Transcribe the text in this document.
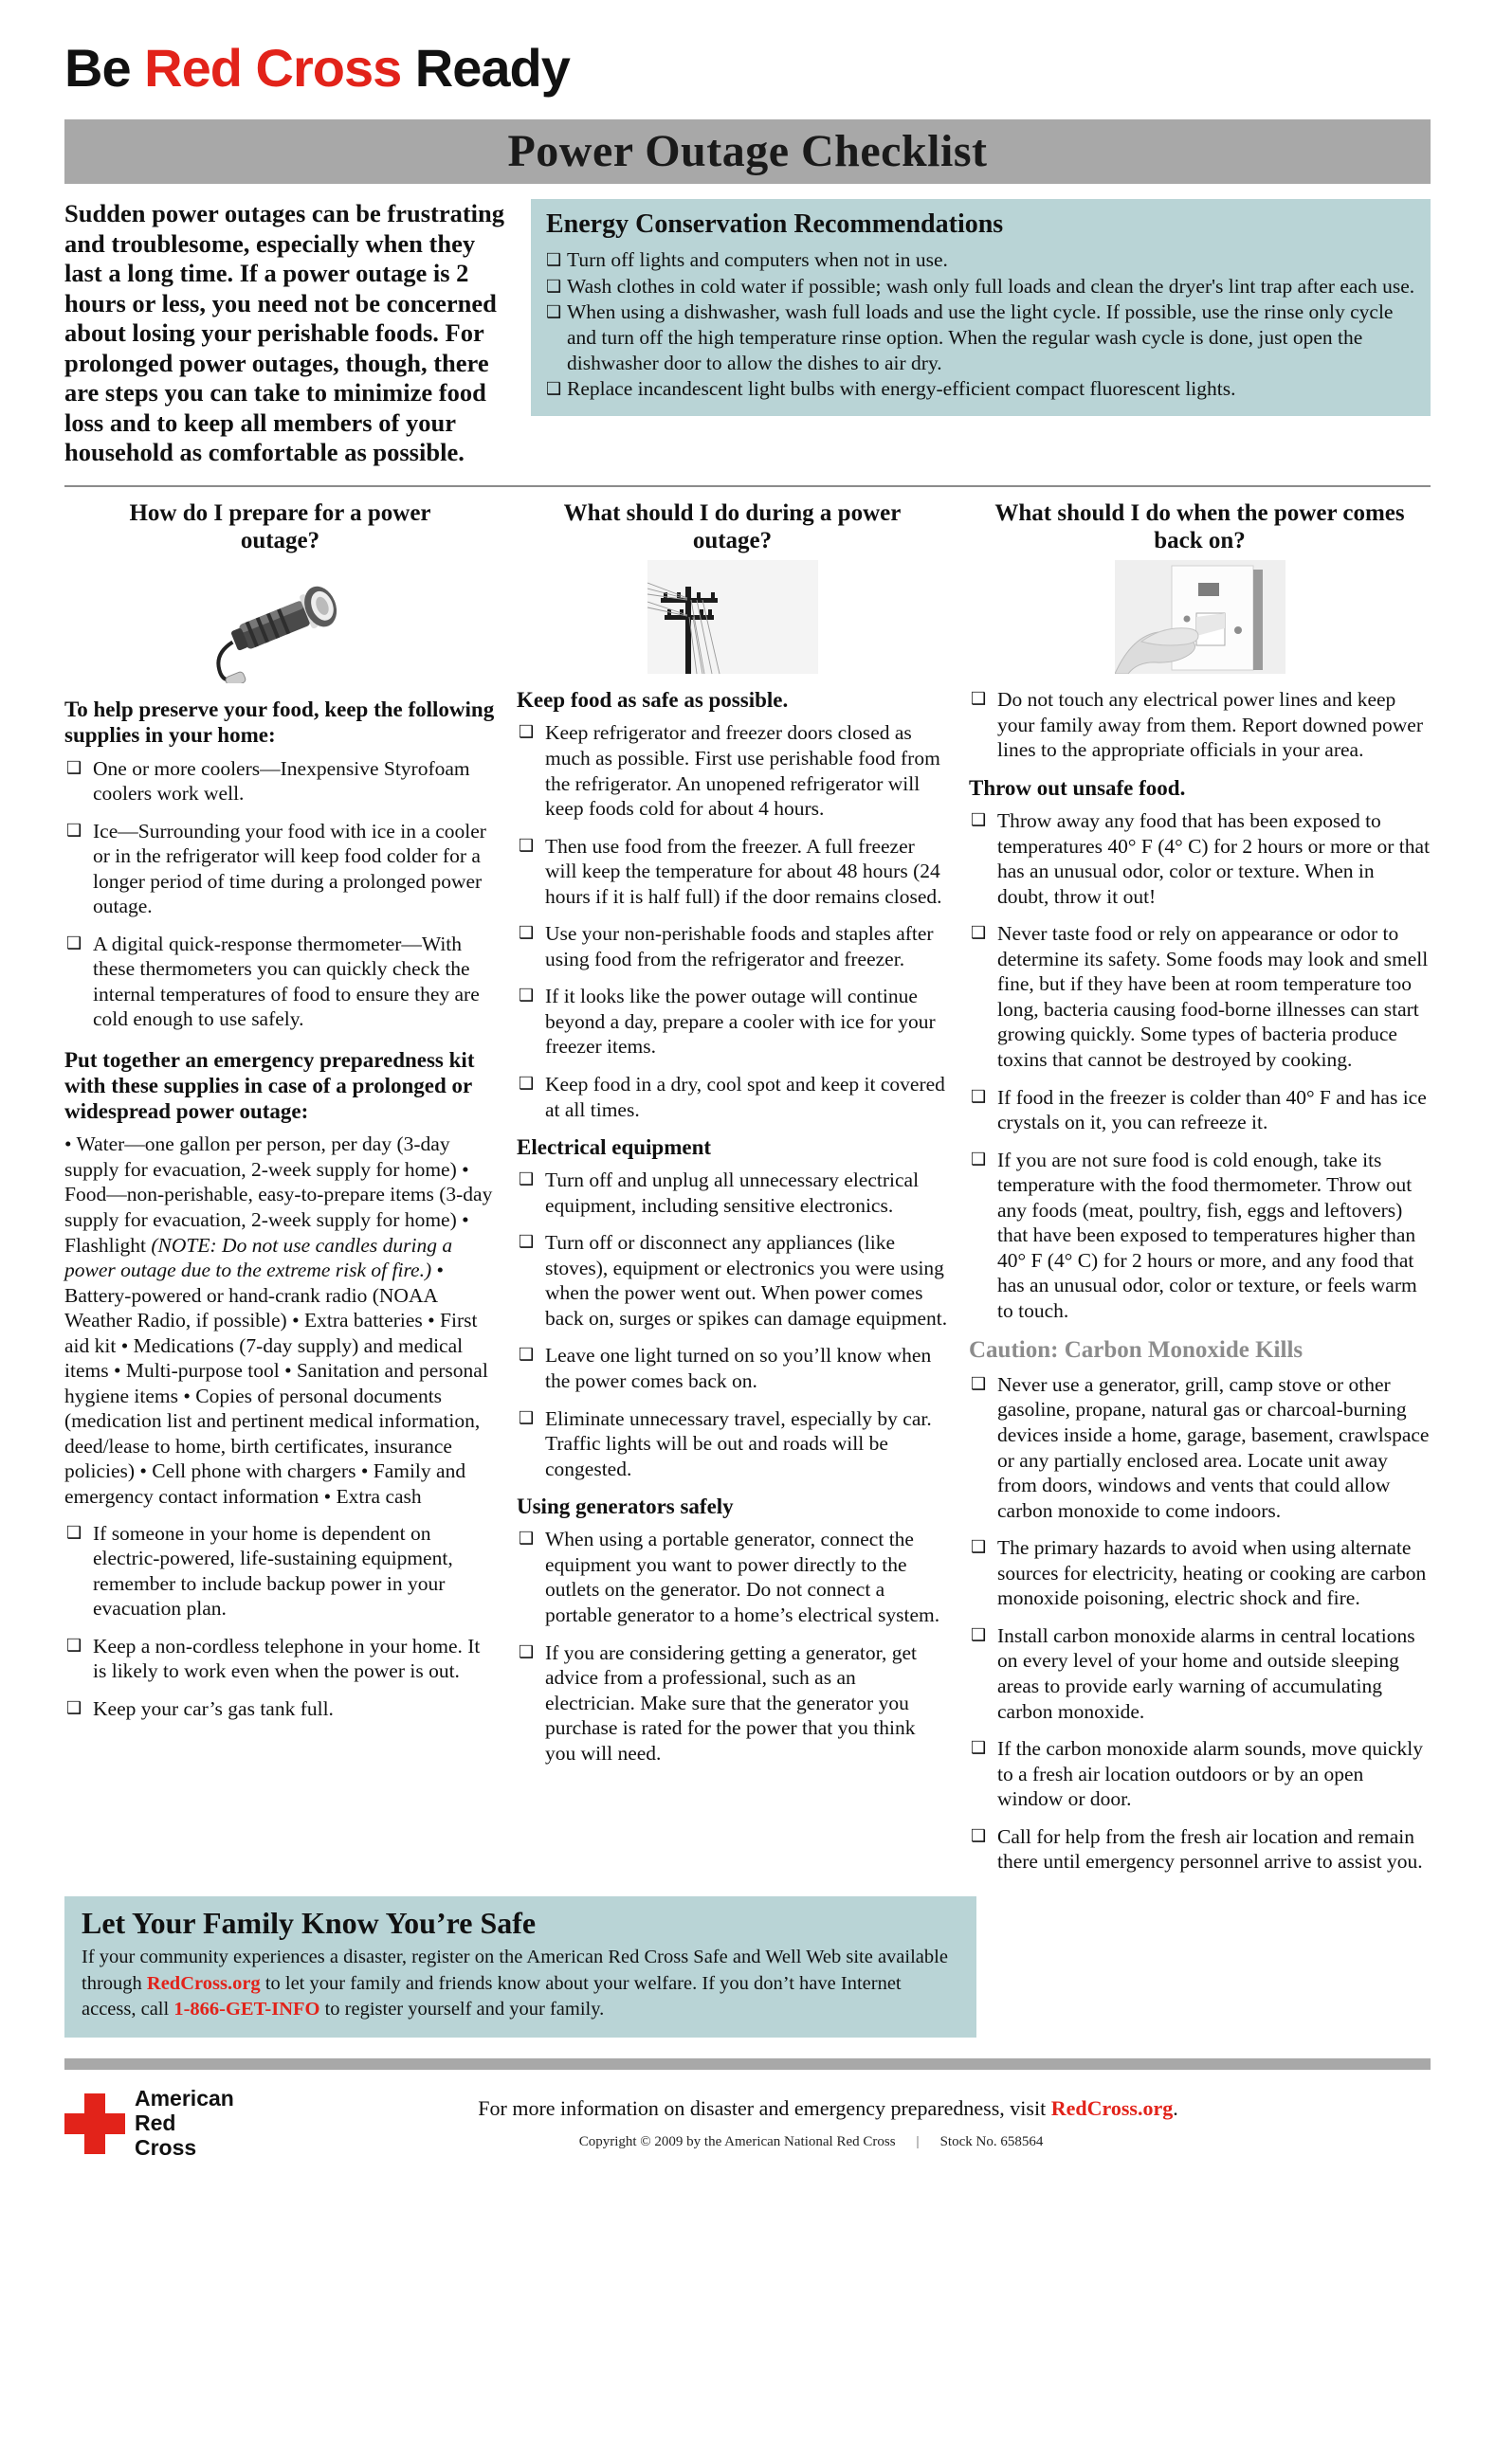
Be Red Cross Ready
Power Outage Checklist

Sudden power outages can be frustrating and troublesome, especially when they last a long time. If a power outage is 2 hours or less, you need not be concerned about losing your perishable foods. For prolonged power outages, though, there are steps you can take to minimize food loss and to keep all members of your household as comfortable as possible.

Energy Conservation Recommendations
❑ Turn off lights and computers when not in use.
❑ Wash clothes in cold water if possible; wash only full loads and clean the dryer's lint trap after each use.
❑ When using a dishwasher, wash full loads and use the light cycle. If possible, use the rinse only cycle and turn off the high temperature rinse option. When the regular wash cycle is done, just open the dishwasher door to allow the dishes to air dry.
❑ Replace incandescent light bulbs with energy-efficient compact fluorescent lights.
How do I prepare for a power outage?
To help preserve your food, keep the following supplies in your home:
❑ One or more coolers—Inexpensive Styrofoam coolers work well.
❑ Ice—Surrounding your food with ice in a cooler or in the refrigerator will keep food colder for a longer period of time during a prolonged power outage.
❑ A digital quick-response thermometer—With these thermometers you can quickly check the internal temperatures of food to ensure they are cold enough to use safely.
Put together an emergency preparedness kit with these supplies in case of a prolonged or widespread power outage:

• Water—one gallon per person, per day (3-day supply for evacuation, 2-week supply for home) • Food—non-perishable, easy-to-prepare items (3-day supply for evacuation, 2-week supply for home) • Flashlight (NOTE: Do not use candles during a power outage due to the extreme risk of fire.) • Battery-powered or hand-crank radio (NOAA Weather Radio, if possible) • Extra batteries • First aid kit • Medications (7-day supply) and medical items • Multi-purpose tool • Sanitation and personal hygiene items • Copies of personal documents (medication list and pertinent medical information, deed/lease to home, birth certificates, insurance policies) • Cell phone with chargers • Family and emergency contact information • Extra cash

❑ If someone in your home is dependent on electric-powered, life-sustaining equipment, remember to include backup power in your evacuation plan.
❑ Keep a non-cordless telephone in your home. It is likely to work even when the power is out.
❑ Keep your car’s gas tank full.
What should I do during a power outage?
Keep food as safe as possible.
❑ Keep refrigerator and freezer doors closed as much as possible. First use perishable food from the refrigerator. An unopened refrigerator will keep foods cold for about 4 hours.
❑ Then use food from the freezer. A full freezer will keep the temperature for about 48 hours (24 hours if it is half full) if the door remains closed.
❑ Use your non-perishable foods and staples after using food from the refrigerator and freezer.
❑ If it looks like the power outage will continue beyond a day, prepare a cooler with ice for your freezer items.
❑ Keep food in a dry, cool spot and keep it covered at all times.
Electrical equipment
❑ Turn off and unplug all unnecessary electrical equipment, including sensitive electronics.
❑ Turn off or disconnect any appliances (like stoves), equipment or electronics you were using when the power went out. When power comes back on, surges or spikes can damage equipment.
❑ Leave one light turned on so you’ll know when the power comes back on.
❑ Eliminate unnecessary travel, especially by car. Traffic lights will be out and roads will be congested.
Using generators safely
❑ When using a portable generator, connect the equipment you want to power directly to the outlets on the generator. Do not connect a portable generator to a home’s electrical system.
❑ If you are considering getting a generator, get advice from a professional, such as an electrician. Make sure that the generator you purchase is rated for the power that you think you will need.
What should I do when the power comes back on?
❑ Do not touch any electrical power lines and keep your family away from them. Report downed power lines to the appropriate officials in your area.
Throw out unsafe food.
❑ Throw away any food that has been exposed to temperatures 40° F (4° C) for 2 hours or more or that has an unusual odor, color or texture. When in doubt, throw it out!
❑ Never taste food or rely on appearance or odor to determine its safety. Some foods may look and smell fine, but if they have been at room temperature too long, bacteria causing food-borne illnesses can start growing quickly. Some types of bacteria produce toxins that cannot be destroyed by cooking.
❑ If food in the freezer is colder than 40° F and has ice crystals on it, you can refreeze it.
❑ If you are not sure food is cold enough, take its temperature with the food thermometer. Throw out any foods (meat, poultry, fish, eggs and leftovers) that have been exposed to temperatures higher than 40° F (4° C) for 2 hours or more, and any food that has an unusual odor, color or texture, or feels warm to touch.
Caution: Carbon Monoxide Kills
❑ Never use a generator, grill, camp stove or other gasoline, propane, natural gas or charcoal-burning devices inside a home, garage, basement, crawlspace or any partially enclosed area. Locate unit away from doors, windows and vents that could allow carbon monoxide to come indoors.
❑ The primary hazards to avoid when using alternate sources for electricity, heating or cooking are carbon monoxide poisoning, electric shock and fire.
❑ Install carbon monoxide alarms in central locations on every level of your home and outside sleeping areas to provide early warning of accumulating carbon monoxide.
❑ If the carbon monoxide alarm sounds, move quickly to a fresh air location outdoors or by an open window or door.
❑ Call for help from the fresh air location and remain there until emergency personnel arrive to assist you.
Let Your Family Know You’re Safe

If your community experiences a disaster, register on the American Red Cross Safe and Well Web site available through RedCross.org to let your family and friends know about your welfare. If you don’t have Internet access, call 1-866-GET-INFO to register yourself and your family.

American
Red Cross
For more information on disaster and emergency preparedness, visit RedCross.org.
Copyright © 2009 by the American National Red Cross | Stock No. 658564
